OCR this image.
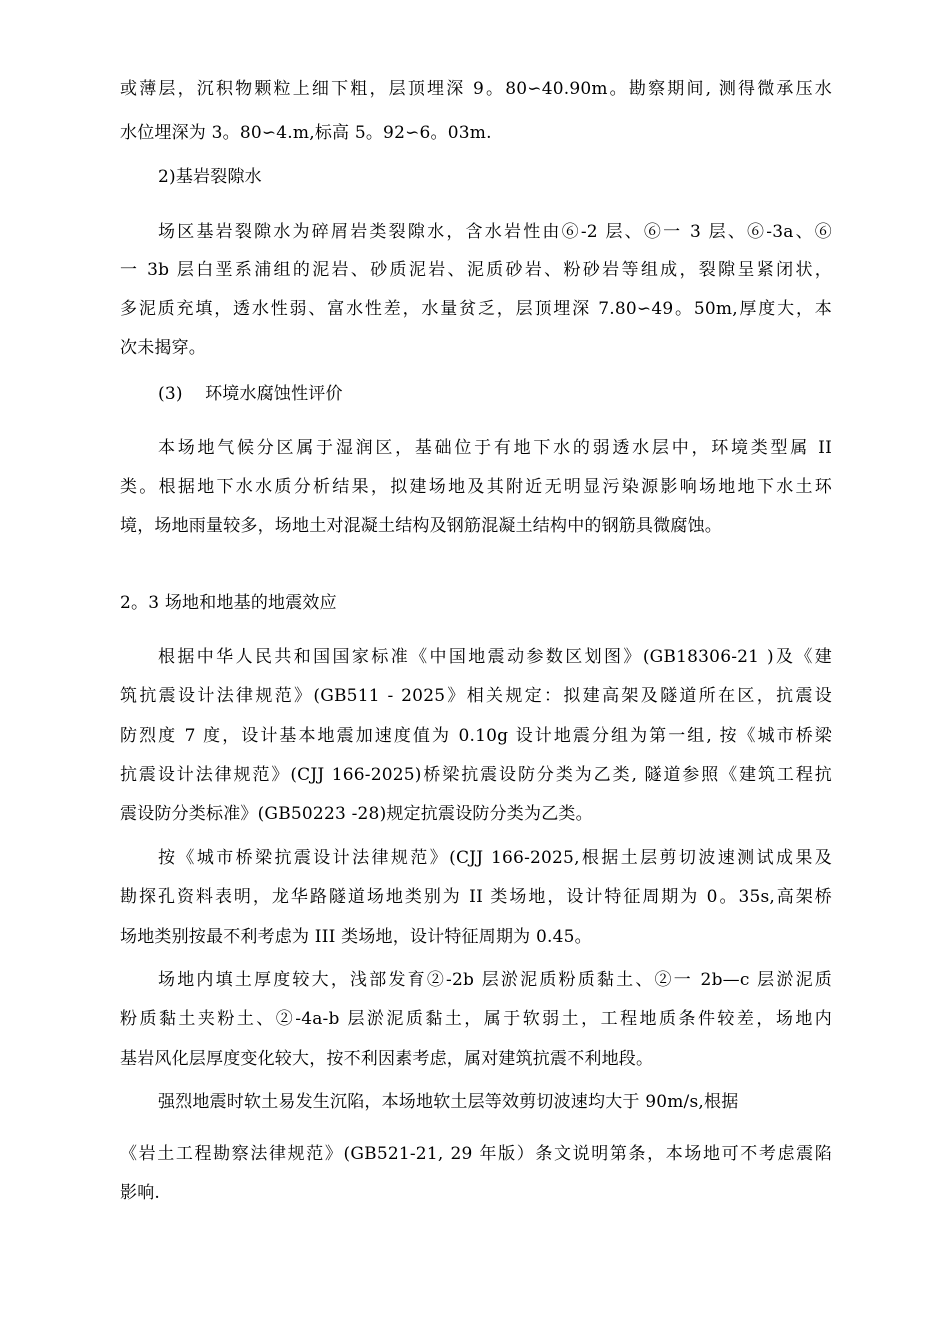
或薄层，沉积物颗粒上细下粗，层顶埋深 9。80∽40.90m。勘察期间, 测得微承压水
水位埋深为 3。80∽4.m,标高 5。92∽6。03m.
2)基岩裂隙水
场区基岩裂隙水为碎屑岩类裂隙水，含水岩性由⑥-2 层、⑥一 3 层、⑥-3a、⑥
一 3b 层白垩系浦组的泥岩、砂质泥岩、泥质砂岩、粉砂岩等组成，裂隙呈紧闭状，
多泥质充填，透水性弱、富水性差，水量贫乏，层顶埋深 7.80∽49。50m,厚度大，本
次未揭穿。
(3)    环境水腐蚀性评价
本场地气候分区属于湿润区，基础位于有地下水的弱透水层中，环境类型属 II
类。根据地下水水质分析结果，拟建场地及其附近无明显污染源影响场地地下水土环
境，场地雨量较多，场地土对混凝土结构及钢筋混凝土结构中的钢筋具微腐蚀。
2。3 场地和地基的地震效应
根据中华人民共和国国家标准《中国地震动参数区划图》(GB18306-21 )及《建
筑抗震设计法律规范》(GB511 - 2025》相关规定：拟建高架及隧道所在区，抗震设
防烈度 7 度，设计基本地震加速度值为 0.10g 设计地震分组为第一组, 按《城市桥梁
抗震设计法律规范》(CJJ 166-2025)桥梁抗震设防分类为乙类, 隧道参照《建筑工程抗
震设防分类标准》(GB50223 -28)规定抗震设防分类为乙类。
按《城市桥梁抗震设计法律规范》(CJJ 166-2025,根据土层剪切波速测试成果及
勘探孔资料表明，龙华路隧道场地类别为 II 类场地，设计特征周期为 0。35s,高架桥
场地类别按最不利考虑为 III 类场地，设计特征周期为 0.45。
场地内填土厚度较大，浅部发育②-2b 层淤泥质粉质黏土、②一 2b—c 层淤泥质
粉质黏土夹粉土、②-4a-b 层淤泥质黏土，属于软弱土，工程地质条件较差，场地内
基岩风化层厚度变化较大，按不利因素考虑，属对建筑抗震不利地段。
强烈地震时软土易发生沉陷，本场地软土层等效剪切波速均大于 90m/s,根据
《岩土工程勘察法律规范》(GB521-21, 29 年版）条文说明第条，本场地可不考虑震陷
影响.
